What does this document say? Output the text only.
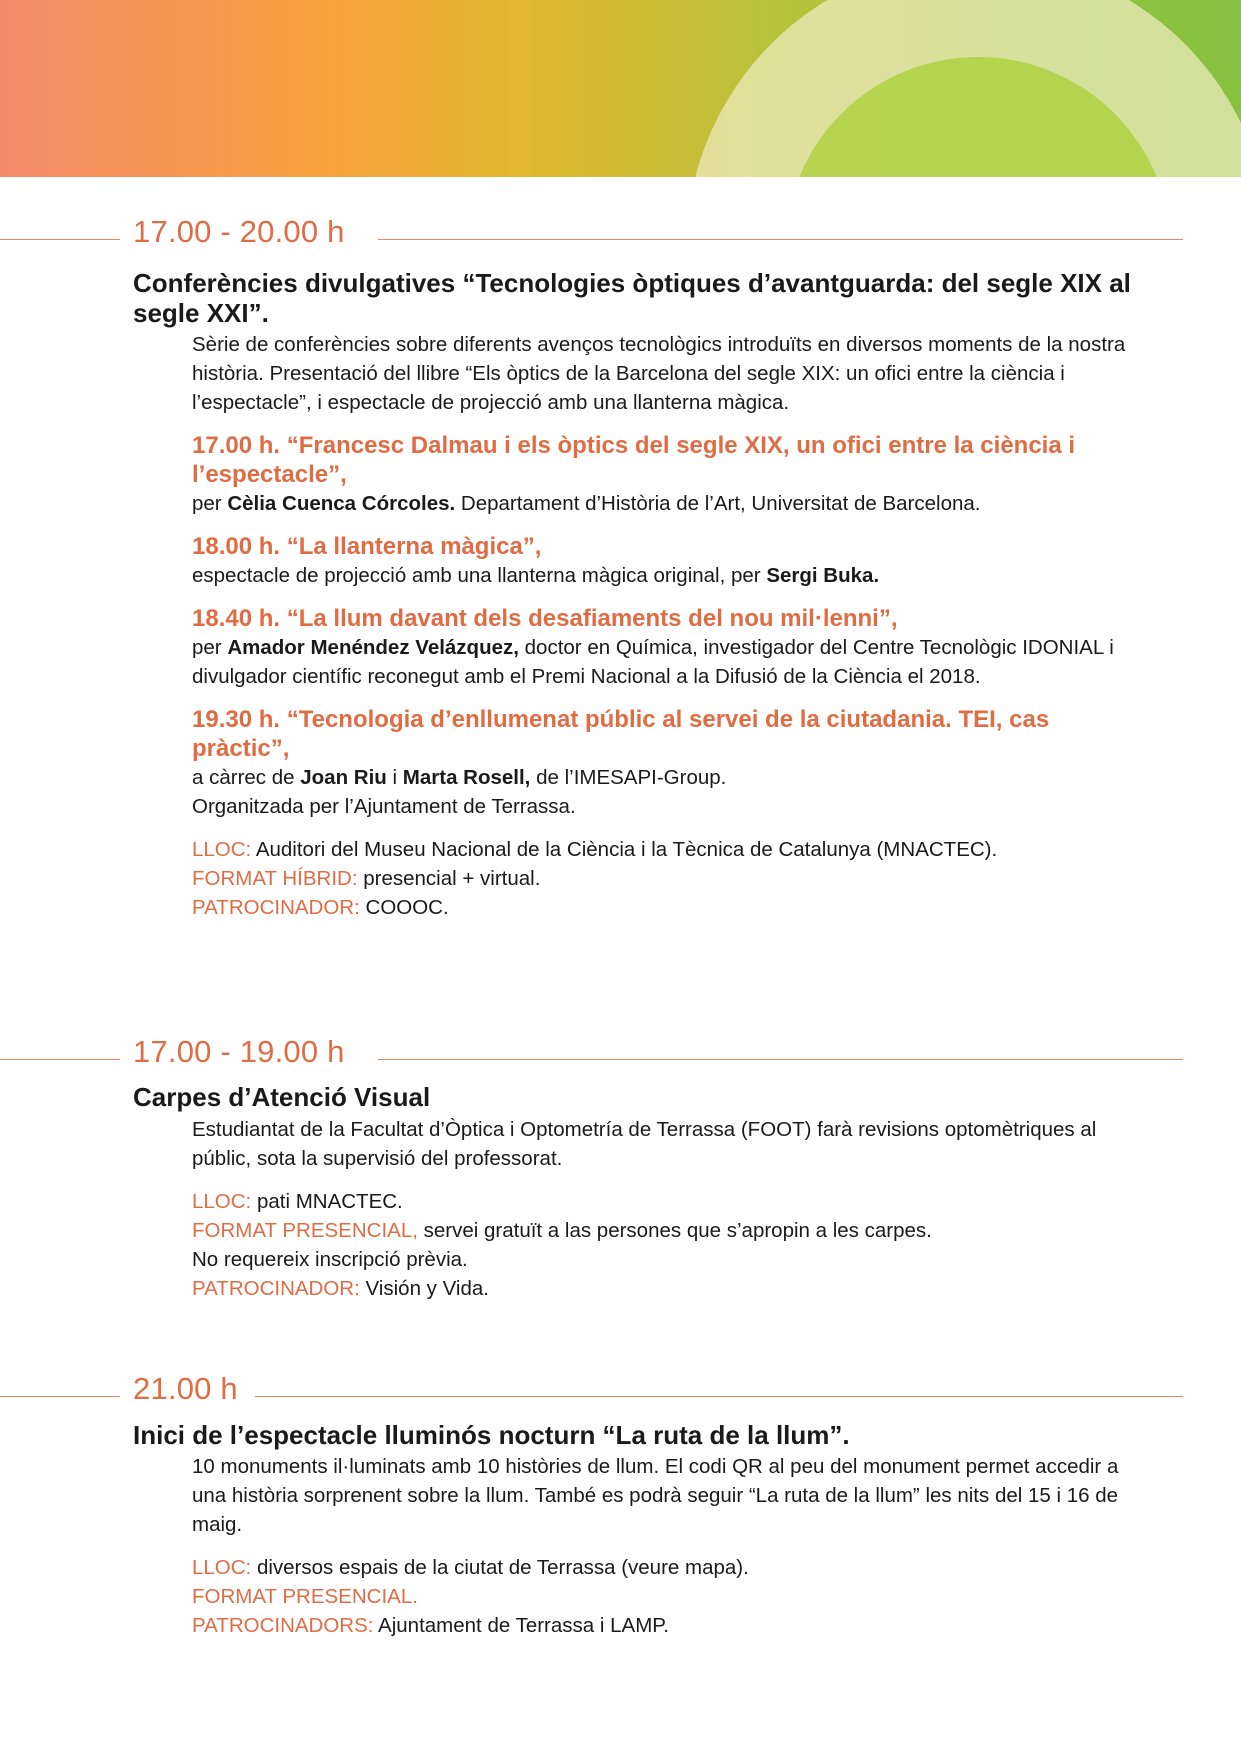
17.00 - 20.00 h
Conferències divulgatives “Tecnologies òptiques d’avantguarda: del segle XIX al segle XXI”.

Sèrie de conferències sobre diferents avenços tecnològics introduïts en diversos moments de la nostra història. Presentació del llibre “Els òptics de la Barcelona del segle XIX: un ofici entre la ciència i l’espectacle”, i espectacle de projecció amb una llanterna màgica.

17.00 h. “Francesc Dalmau i els òptics del segle XIX, un ofici entre la ciència i l’espectacle”,

per Cèlia Cuenca Córcoles. Departament d’Història de l’Art, Universitat de Barcelona.

18.00 h. “La llanterna màgica”,

espectacle de projecció amb una llanterna màgica original, per Sergi Buka.

18.40 h. “La llum davant dels desafiaments del nou mil·lenni”,

per Amador Menéndez Velázquez, doctor en Química, investigador del Centre Tecnològic IDONIAL i divulgador científic reconegut amb el Premi Nacional a la Difusió de la Ciència el 2018.

19.30 h. “Tecnologia d’enllumenat públic al servei de la ciutadania. TEI, cas pràctic”,

a càrrec de Joan Riu i Marta Rosell, de l’IMESAPI-Group.

Organitzada per l’Ajuntament de Terrassa.

LLOC: Auditori del Museu Nacional de la Ciència i la Tècnica de Catalunya (MNACTEC).

FORMAT HÍBRID: presencial + virtual.

PATROCINADOR: COOOC.

17.00 - 19.00 h
Carpes d’Atenció Visual

Estudiantat de la Facultat d’Òptica i Optometría de Terrassa (FOOT) farà revisions optomètriques al públic, sota la supervisió del professorat.

LLOC: pati MNACTEC.

FORMAT PRESENCIAL, servei gratuït a las persones que s’apropin a les carpes.

No requereix inscripció prèvia.

PATROCINADOR: Visión y Vida.

21.00 h
Inici de l’espectacle lluminós nocturn “La ruta de la llum”.

10 monuments il·luminats amb 10 històries de llum. El codi QR al peu del monument permet accedir a una història sorprenent sobre la llum. També es podrà seguir “La ruta de la llum” les nits del 15 i 16 de maig.

LLOC: diversos espais de la ciutat de Terrassa (veure mapa).

FORMAT PRESENCIAL.

PATROCINADORS: Ajuntament de Terrassa i LAMP.
